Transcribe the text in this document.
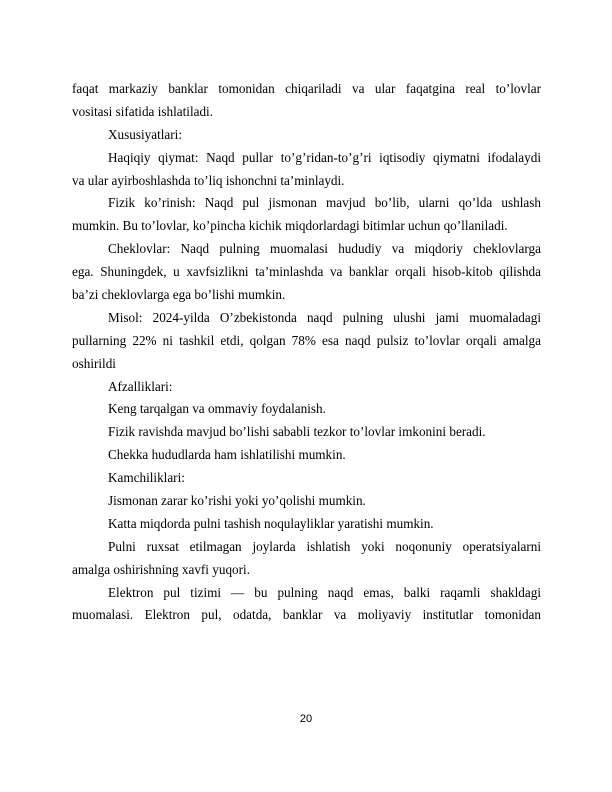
faqat markaziy banklar tomonidan chiqariladi va ular faqatgina real to’lovlar
vositasi sifatida ishlatiladi.
Xususiyatlari:
Haqiqiy qiymat: Naqd pullar to’g’ridan-to’g’ri iqtisodiy qiymatni ifodalaydi
va ular ayirboshlashda to’liq ishonchni ta’minlaydi.
Fizik ko’rinish: Naqd pul jismonan mavjud bo’lib, ularni qo’lda ushlash
mumkin. Bu to’lovlar, ko’pincha kichik miqdorlardagi bitimlar uchun qo’llaniladi.
Cheklovlar: Naqd pulning muomalasi hududiy va miqdoriy cheklovlarga
ega. Shuningdek, u xavfsizlikni ta’minlashda va banklar orqali hisob-kitob qilishda
ba’zi cheklovlarga ega bo’lishi mumkin.
Misol: 2024-yilda O’zbekistonda naqd pulning ulushi jami muomaladagi
pullarning 22% ni tashkil etdi, qolgan 78% esa naqd pulsiz to’lovlar orqali amalga
oshirildi
Afzalliklari:
Keng tarqalgan va ommaviy foydalanish.
Fizik ravishda mavjud bo’lishi sababli tezkor to’lovlar imkonini beradi.
Chekka hududlarda ham ishlatilishi mumkin.
Kamchiliklari:
Jismonan zarar ko’rishi yoki yo’qolishi mumkin.
Katta miqdorda pulni tashish noqulayliklar yaratishi mumkin.
Pulni ruxsat etilmagan joylarda ishlatish yoki noqonuniy operatsiyalarni
amalga oshirishning xavfi yuqori.
Elektron pul tizimi — bu pulning naqd emas, balki raqamli shakldagi
muomalasi. Elektron pul, odatda, banklar va moliyaviy institutlar tomonidan
20
